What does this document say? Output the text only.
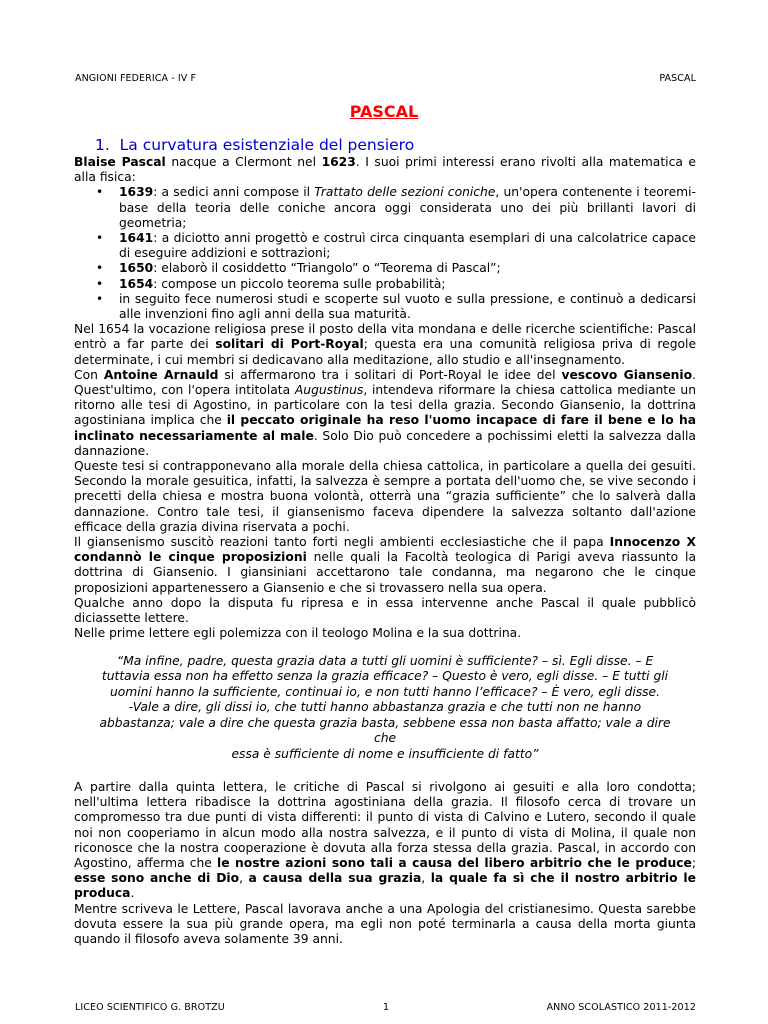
ANGIONI FEDERICA - IV F	PASCAL
PASCAL
1. La curvatura esistenziale del pensiero

Blaise Pascal nacque a Clermont nel 1623. I suoi primi interessi erano rivolti alla matematica e alla fisica:

• 1639: a sedici anni compose il Trattato delle sezioni coniche, un'opera contenente i teoremi-base della teoria delle coniche ancora oggi considerata uno dei più brillanti lavori di geometria;
• 1641: a diciotto anni progettò e costruì circa cinquanta esemplari di una calcolatrice capace di eseguire addizioni e sottrazioni;
• 1650: elaborò il cosiddetto “Triangolo” o “Teorema di Pascal”;
• 1654: compose un piccolo teorema sulle probabilità;
• in seguito fece numerosi studi e scoperte sul vuoto e sulla pressione, e continuò a dedicarsi alle invenzioni fino agli anni della sua maturità.

Nel 1654 la vocazione religiosa prese il posto della vita mondana e delle ricerche scientifiche: Pascal entrò a far parte dei solitari di Port-Royal; questa era una comunità religiosa priva di regole determinate, i cui membri si dedicavano alla meditazione, allo studio e all'insegnamento.

Con Antoine Arnauld si affermarono tra i solitari di Port-Royal le idee del vescovo Giansenio. Quest'ultimo, con l'opera intitolata Augustinus, intendeva riformare la chiesa cattolica mediante un ritorno alle tesi di Agostino, in particolare con la tesi della grazia. Secondo Giansenio, la dottrina agostiniana implica che il peccato originale ha reso l'uomo incapace di fare il bene e lo ha inclinato necessariamente al male. Solo Dio può concedere a pochissimi eletti la salvezza dalla dannazione.

Queste tesi si contrapponevano alla morale della chiesa cattolica, in particolare a quella dei gesuiti. Secondo la morale gesuitica, infatti, la salvezza è sempre a portata dell'uomo che, se vive secondo i precetti della chiesa e mostra buona volontà, otterrà una “grazia sufficiente” che lo salverà dalla dannazione. Contro tale tesi, il giansenismo faceva dipendere la salvezza soltanto dall'azione efficace della grazia divina riservata a pochi.

Il giansenismo suscitò reazioni tanto forti negli ambienti ecclesiastiche che il papa Innocenzo X condannò le cinque proposizioni nelle quali la Facoltà teologica di Parigi aveva riassunto la dottrina di Giansenio. I giansiniani accettarono tale condanna, ma negarono che le cinque proposizioni appartenessero a Giansenio e che si trovassero nella sua opera.

Qualche anno dopo la disputa fu ripresa e in essa intervenne anche Pascal il quale pubblicò diciassette lettere.

Nelle prime lettere egli polemizza con il teologo Molina e la sua dottrina.

“Ma infine, padre, questa grazia data a tutti gli uomini è sufficiente? – sì. Egli disse. – E
tuttavia essa non ha effetto senza la grazia efficace? – Questo è vero, egli disse. – E tutti gli
uomini hanno la sufficiente, continuai io, e non tutti hanno l’efficace? – È vero, egli disse.
-Vale a dire, gli dissi io, che tutti hanno abbastanza grazia e che tutti non ne hanno
abbastanza; vale a dire che questa grazia basta, sebbene essa non basta affatto; vale a dire
che
essa è sufficiente di nome e insufficiente di fatto”

A partire dalla quinta lettera, le critiche di Pascal si rivolgono ai gesuiti e alla loro condotta; nell'ultima lettera ribadisce la dottrina agostiniana della grazia. Il filosofo cerca di trovare un compromesso tra due punti di vista differenti: il punto di vista di Calvino e Lutero, secondo il quale noi non cooperiamo in alcun modo alla nostra salvezza, e il punto di vista di Molina, il quale non riconosce che la nostra cooperazione è dovuta alla forza stessa della grazia. Pascal, in accordo con Agostino, afferma che le nostre azioni sono tali a causa del libero arbitrio che le produce; esse sono anche di Dio, a causa della sua grazia, la quale fa sì che il nostro arbitrio le produca.

Mentre scriveva le Lettere, Pascal lavorava anche a una Apologia del cristianesimo. Questa sarebbe dovuta essere la sua più grande opera, ma egli non poté terminarla a causa della morta giunta quando il filosofo aveva solamente 39 anni.

LICEO SCIENTIFICO G. BROTZU	1	ANNO SCOLASTICO 2011-2012
